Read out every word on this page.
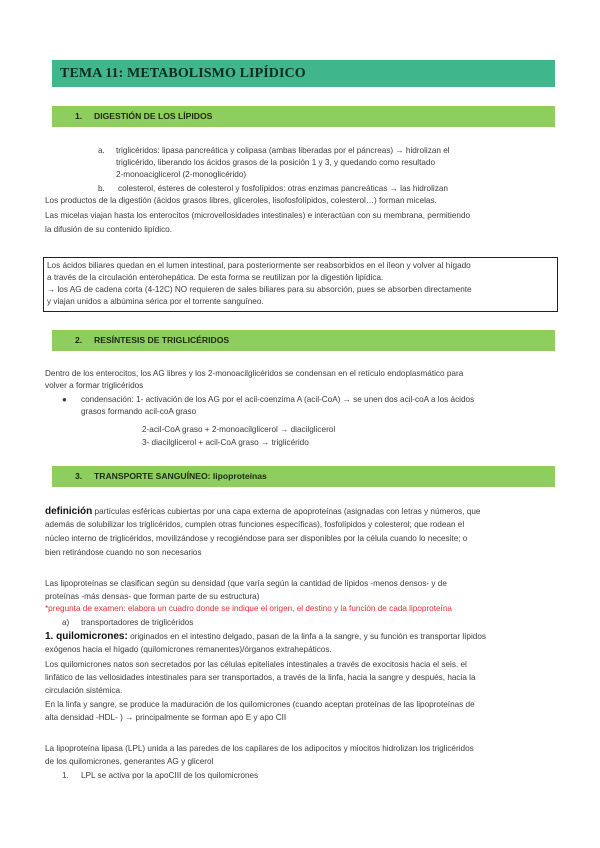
TEMA 11: METABOLISMO LIPÍDICO
1.	DIGESTIÓN DE LOS LÍPIDOS
a. triglicéridos: lipasa pancreática y colipasa (ambas liberadas por el páncreas) → hidrolizan el
triglicérido, liberando los ácidos grasos de la posición 1 y 3, y quedando como resultado
2-monoaciglicerol (2-monoglicérido)
b. colesterol, ésteres de colesterol y fosfolípidos: otras enzimas pancreáticas → las hidrolizan
Los productos de la digestión (ácidos grasos libres, gliceroles, lisofosfolípidos, colesterol…) forman micelas.
Las micelas viajan hasta los enterocitos (microvellosidades intestinales) e interactúan con su membrana, permitiendo
la difusión de su contenido lipídico.
Los ácidos biliares quedan en el lumen intestinal, para posteriormente ser reabsorbidos en el íleon y volver al hígado
a través de la circulación enterohepática. De esta forma se reutilizan por la digestión lipídica.
→ los AG de cadena corta (4-12C) NO requieren de sales biliares para su absorción, pues se absorben directamente
y viajan unidos a albúmina sérica por el torrente sanguíneo.
2.	RESÍNTESIS DE TRIGLICÉRIDOS
Dentro de los enterocitos, los AG libres y los 2-monoacilglicéridos se condensan en el retículo endoplasmático para
volver a formar triglicéridos
● condensación: 1- activación de los AG por el acil-coenzima A (acil-CoA) → se unen dos acil-coA a los ácidos
grasos formando acil-coA graso
2-acil-CoA graso + 2-monoacilglicerol → diacilglicerol
3- diacilglicerol + acil-CoA graso → triglicérido
3.	TRANSPORTE SANGUÍNEO: lipoproteínas
definición partículas esféricas cubiertas por una capa externa de apoproteínas (asignadas con letras y números, que
además de solubilizar los triglicéridos, cumplen otras funciones específicas), fosfolípidos y colesterol; que rodean el
núcleo interno de triglicéridos, movilizándose y recogiéndose para ser disponibles por la célula cuando lo necesite; o
bien retirándose cuando no son necesarios
Las lipoproteínas se clasifican según su densidad (que varía según la cantidad de lípidos -menos densos- y de
proteínas -más densas- que forman parte de su estructura)
*pregunta de examen: elabora un cuadro donde se indique el origen, el destino y la función de cada lipoproteína
a) transportadores de triglicéridos
1. quilomicrones: originados en el intestino delgado, pasan de la linfa a la sangre, y su función es transportar lípidos
exógenos hacia el hígado (quilomicrones remanentes)/órganos extrahepáticos.
Los quilomicrones natos son secretados por las células epiteliales intestinales a través de exocitosis hacia el seis. el
linfático de las vellosidades intestinales para ser transportados, a través de la linfa, hacia la sangre y después, hacia la
circulación sistémica.
En la linfa y sangre, se produce la maduración de los quilomicrones (cuando aceptan proteínas de las lipoproteínas de
alta densidad -HDL- ) → principalmente se forman apo E y apo CII
La lipoproteína lipasa (LPL) unida a las paredes de los capilares de los adipocitos y miocitos hidrolizan los triglicéridos
de los quilomicrones, generantes AG y glicerol
1. LPL se activa por la apoCIII de los quilomicrones
